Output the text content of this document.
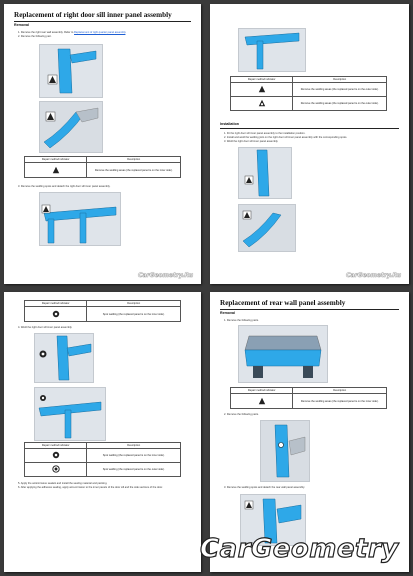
Replacement of right door sill inner panel assembly
Removal
1. Remove the right rear wall assembly. Refer to Replacement of right quarter panel assembly.
2. Remove the following part.
Repair method indicator	Description
	Remove the welding areas (the replaced panel is on the inner side).
3. Remove the welding spots and detach the right door sill inner panel assembly.
CarGeometry.Ru
Repair method indicator	Description
	Remove the welding areas (the replaced panel is on the outer side).
	Remove the welding areas (the replaced panel is on the outer side).
Installation
1. Fit the right door sill inner panel assembly to the installation position.
2. Install and weld the welding joint on the right door sill inner panel assembly with the corresponding spots.
3. Weld the right door sill inner panel assembly.
CarGeometry.Ru
Repair method indicator	Description
	Spot welding (the replaced panel is on the inner side).
4. Weld the right door sill inner panel assembly.
Repair method indicator	Description
	Spot welding (the replaced panel is on the inner side).
	Spot welding (the replaced panel is on the outer side).
5. Apply the anticorrosive sealant and install the sealing material and painting.
6. After applying the adhesive sealing, apply anti-corrosion to the inner panels of the door sill and the side sections of the door.
Replacement of rear wall panel assembly
Removal
1. Remove the following parts.
Repair method indicator	Description
	Remove the welding areas (the replaced panel is on the inner side).
2. Remove the following parts.
3. Remove the welding spots and detach the rear wall panel assembly.
CarGeometry
